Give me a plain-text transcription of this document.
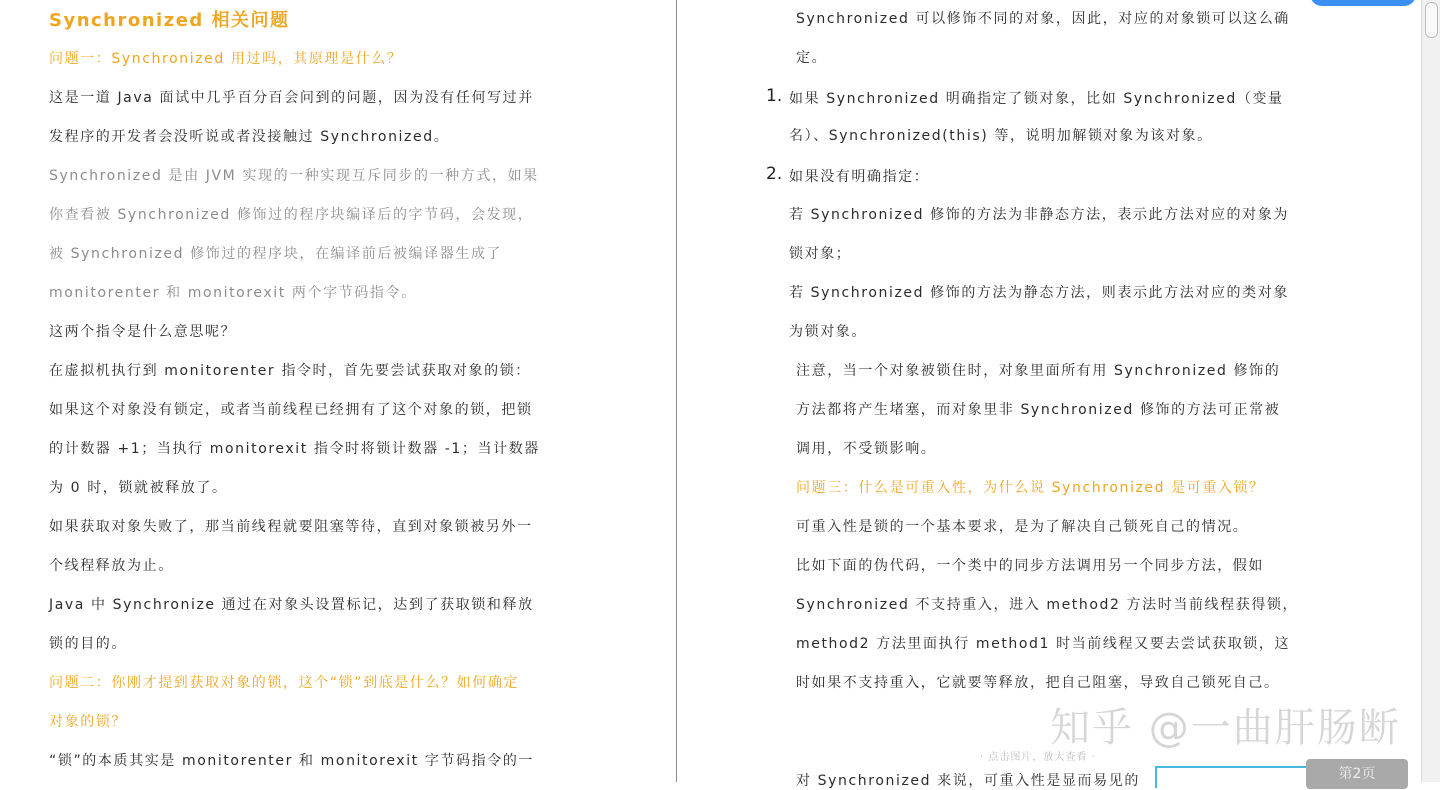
Synchronized 相关问题
问题一：Synchronized 用过吗，其原理是什么？
这是一道 Java 面试中几乎百分百会问到的问题，因为没有任何写过并
发程序的开发者会没听说或者没接触过 Synchronized。
Synchronized 是由 JVM 实现的一种实现互斥同步的一种方式，如果
你查看被 Synchronized 修饰过的程序块编译后的字节码，会发现，
被 Synchronized 修饰过的程序块，在编译前后被编译器生成了
monitorenter 和 monitorexit 两个字节码指令。
这两个指令是什么意思呢？
在虚拟机执行到 monitorenter 指令时，首先要尝试获取对象的锁：
如果这个对象没有锁定，或者当前线程已经拥有了这个对象的锁，把锁
的计数器 +1；当执行 monitorexit 指令时将锁计数器 -1；当计数器
为 0 时，锁就被释放了。
如果获取对象失败了，那当前线程就要阻塞等待，直到对象锁被另外一
个线程释放为止。
Java 中 Synchronize 通过在对象头设置标记，达到了获取锁和释放
锁的目的。
问题二：你刚才提到获取对象的锁，这个“锁”到底是什么？如何确定
对象的锁？
“锁”的本质其实是 monitorenter 和 monitorexit 字节码指令的一
Synchronized 可以修饰不同的对象，因此，对应的对象锁可以这么确
定。
1. 如果 Synchronized 明确指定了锁对象，比如 Synchronized（变量
名）、Synchronized(this) 等，说明加解锁对象为该对象。
2. 如果没有明确指定：
若 Synchronized 修饰的方法为非静态方法，表示此方法对应的对象为
锁对象；
若 Synchronized 修饰的方法为静态方法，则表示此方法对应的类对象
为锁对象。
注意，当一个对象被锁住时，对象里面所有用 Synchronized 修饰的
方法都将产生堵塞，而对象里非 Synchronized 修饰的方法可正常被
调用，不受锁影响。
问题三：什么是可重入性，为什么说 Synchronized 是可重入锁？
可重入性是锁的一个基本要求，是为了解决自己锁死自己的情况。
比如下面的伪代码，一个类中的同步方法调用另一个同步方法，假如
Synchronized 不支持重入，进入 method2 方法时当前线程获得锁，
method2 方法里面执行 method1 时当前线程又要去尝试获取锁，这
时如果不支持重入，它就要等释放，把自己阻塞，导致自己锁死自己。
对 Synchronized 来说，可重入性是显而易见的
知乎 @一曲肝肠断
· 点击图片，放大查看 ·
第2页
